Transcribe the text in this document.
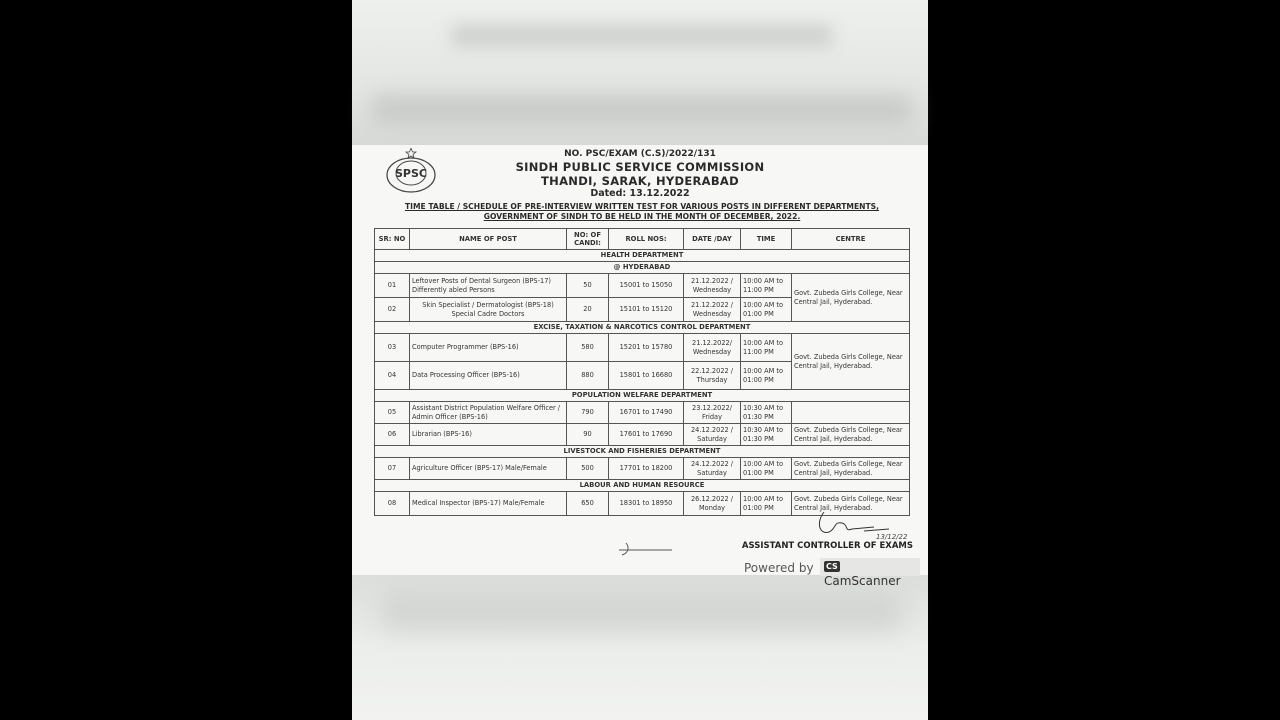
SPSC
NO. PSC/EXAM (C.S)/2022/131
SINDH PUBLIC SERVICE COMMISSION
THANDI, SARAK, HYDERABAD
Dated: 13.12.2022
TIME TABLE / SCHEDULE OF PRE-INTERVIEW WRITTEN TEST FOR VARIOUS POSTS IN DIFFERENT DEPARTMENTS,
GOVERNMENT OF SINDH TO BE HELD IN THE MONTH OF DECEMBER, 2022.
SR: NO	NAME OF POST	NO: OF CANDI:	ROLL NOS:	DATE /DAY	TIME	CENTRE
HEALTH DEPARTMENT						
@ HYDERABAD						
01	Leftover Posts of Dental Surgeon (BPS-17) Differently abled Persons	50	15001 to 15050	21.12.2022 / Wednesday	10:00 AM to 11:00 PM	Govt. Zubeda Girls College, Near Central Jail, Hyderabad.
02	Skin Specialist / Dermatologist (BPS-18) Special Cadre Doctors	20	15101 to 15120	21.12.2022 / Wednesday	10:00 AM to 01:00 PM	
EXCISE, TAXATION & NARCOTICS CONTROL DEPARTMENT						
03	Computer Programmer (BPS-16)	580	15201 to 15780	21.12.2022/ Wednesday	10:00 AM to 11:00 PM	Govt. Zubeda Girls College, Near Central Jail, Hyderabad.
04	Data Processing Officer (BPS-16)	880	15801 to 16680	22.12.2022 / Thursday	10:00 AM to 01:00 PM	
POPULATION WELFARE DEPARTMENT						
05	Assistant District Population Welfare Officer / Admin Officer (BPS-16)	790	16701 to 17490	23.12.2022/ Friday	10:30 AM to 01:30 PM	
06	Librarian (BPS-16)	90	17601 to 17690	24.12.2022 / Saturday	10:30 AM to 01:30 PM	Govt. Zubeda Girls College, Near Central Jail, Hyderabad.
LIVESTOCK AND FISHERIES DEPARTMENT						
07	Agriculture Officer (BPS-17) Male/Female	500	17701 to 18200	24.12.2022 / Saturday	10:00 AM to 01:00 PM	Govt. Zubeda Girls College, Near Central Jail, Hyderabad.
LABOUR AND HUMAN RESOURCE						
08	Medical Inspector (BPS-17) Male/Female	650	18301 to 18950	26.12.2022 / Monday	10:00 AM to 01:00 PM	Govt. Zubeda Girls College, Near Central Jail, Hyderabad.
13/12/22
ASSISTANT CONTROLLER OF EXAMS
Powered by	CSCamScanner
